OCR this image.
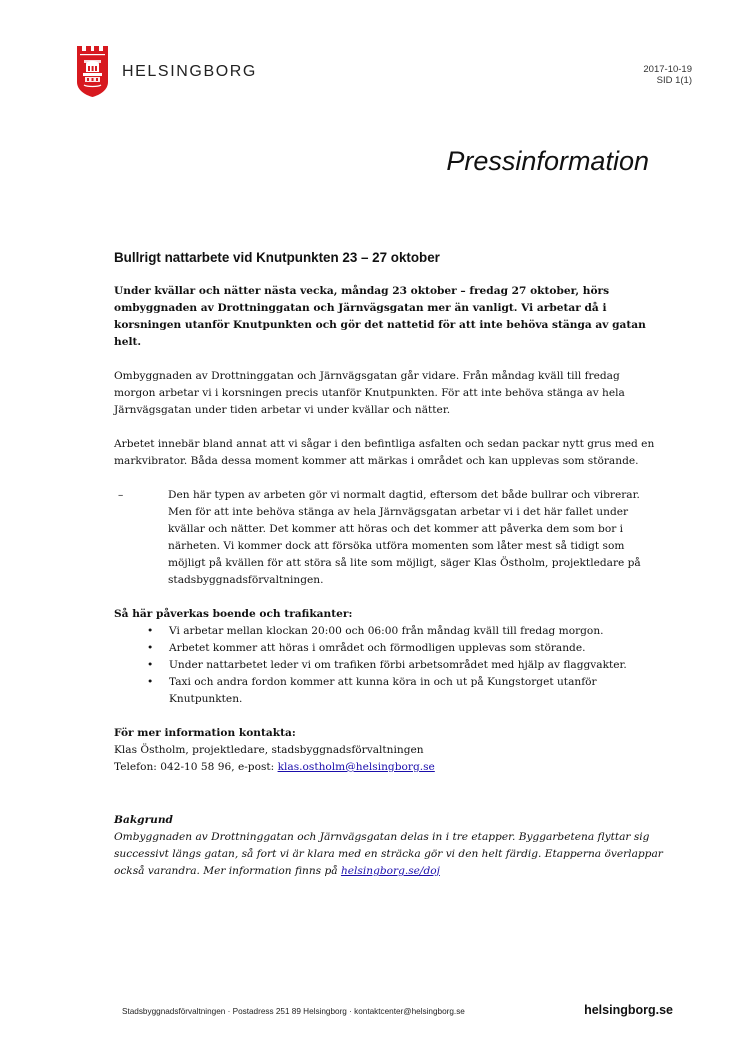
HELSINGBORG	2017-10-19
SID 1(1)
Pressinformation
Bullrigt nattarbete vid Knutpunkten 23 – 27 oktober

Under kvällar och nätter nästa vecka, måndag 23 oktober – fredag 27 oktober, hörs ombyggnaden av Drottninggatan och Järnvägsgatan mer än vanligt. Vi arbetar då i korsningen utanför Knutpunkten och gör det nattetid för att inte behöva stänga av gatan helt.

Ombyggnaden av Drottninggatan och Järnvägsgatan går vidare. Från måndag kväll till fredag morgon arbetar vi i korsningen precis utanför Knutpunkten. För att inte behöva stänga av hela Järnvägsgatan under tiden arbetar vi under kvällar och nätter.

Arbetet innebär bland annat att vi sågar i den befintliga asfalten och sedan packar nytt grus med en markvibrator. Båda dessa moment kommer att märkas i området och kan upplevas som störande.

–	Den här typen av arbeten gör vi normalt dagtid, eftersom det både bullrar och vibrerar. Men för att inte behöva stänga av hela Järnvägsgatan arbetar vi i det här fallet under kvällar och nätter. Det kommer att höras och det kommer att påverka dem som bor i närheten. Vi kommer dock att försöka utföra momenten som låter mest så tidigt som möjligt på kvällen för att störa så lite som möjligt, säger Klas Östholm, projektledare på stadsbyggnadsförvaltningen.

Så här påverkas boende och trafikanter:

• Vi arbetar mellan klockan 20:00 och 06:00 från måndag kväll till fredag morgon.
• Arbetet kommer att höras i området och förmodligen upplevas som störande.
• Under nattarbetet leder vi om trafiken förbi arbetsområdet med hjälp av flaggvakter.
• Taxi och andra fordon kommer att kunna köra in och ut på Kungstorget utanför Knutpunkten.

För mer information kontakta:

Klas Östholm, projektledare, stadsbyggnadsförvaltningen

Telefon: 042-10 58 96, e-post: klas.ostholm@helsingborg.se

Bakgrund

Ombyggnaden av Drottninggatan och Järnvägsgatan delas in i tre etapper. Byggarbetena flyttar sig successivt längs gatan, så fort vi är klara med en sträcka gör vi den helt färdig. Etapperna överlappar också varandra. Mer information finns på helsingborg.se/doj

Stadsbyggnadsförvaltningen · Postadress 251 89 Helsingborg · kontaktcenter@helsingborg.se	helsingborg.se
